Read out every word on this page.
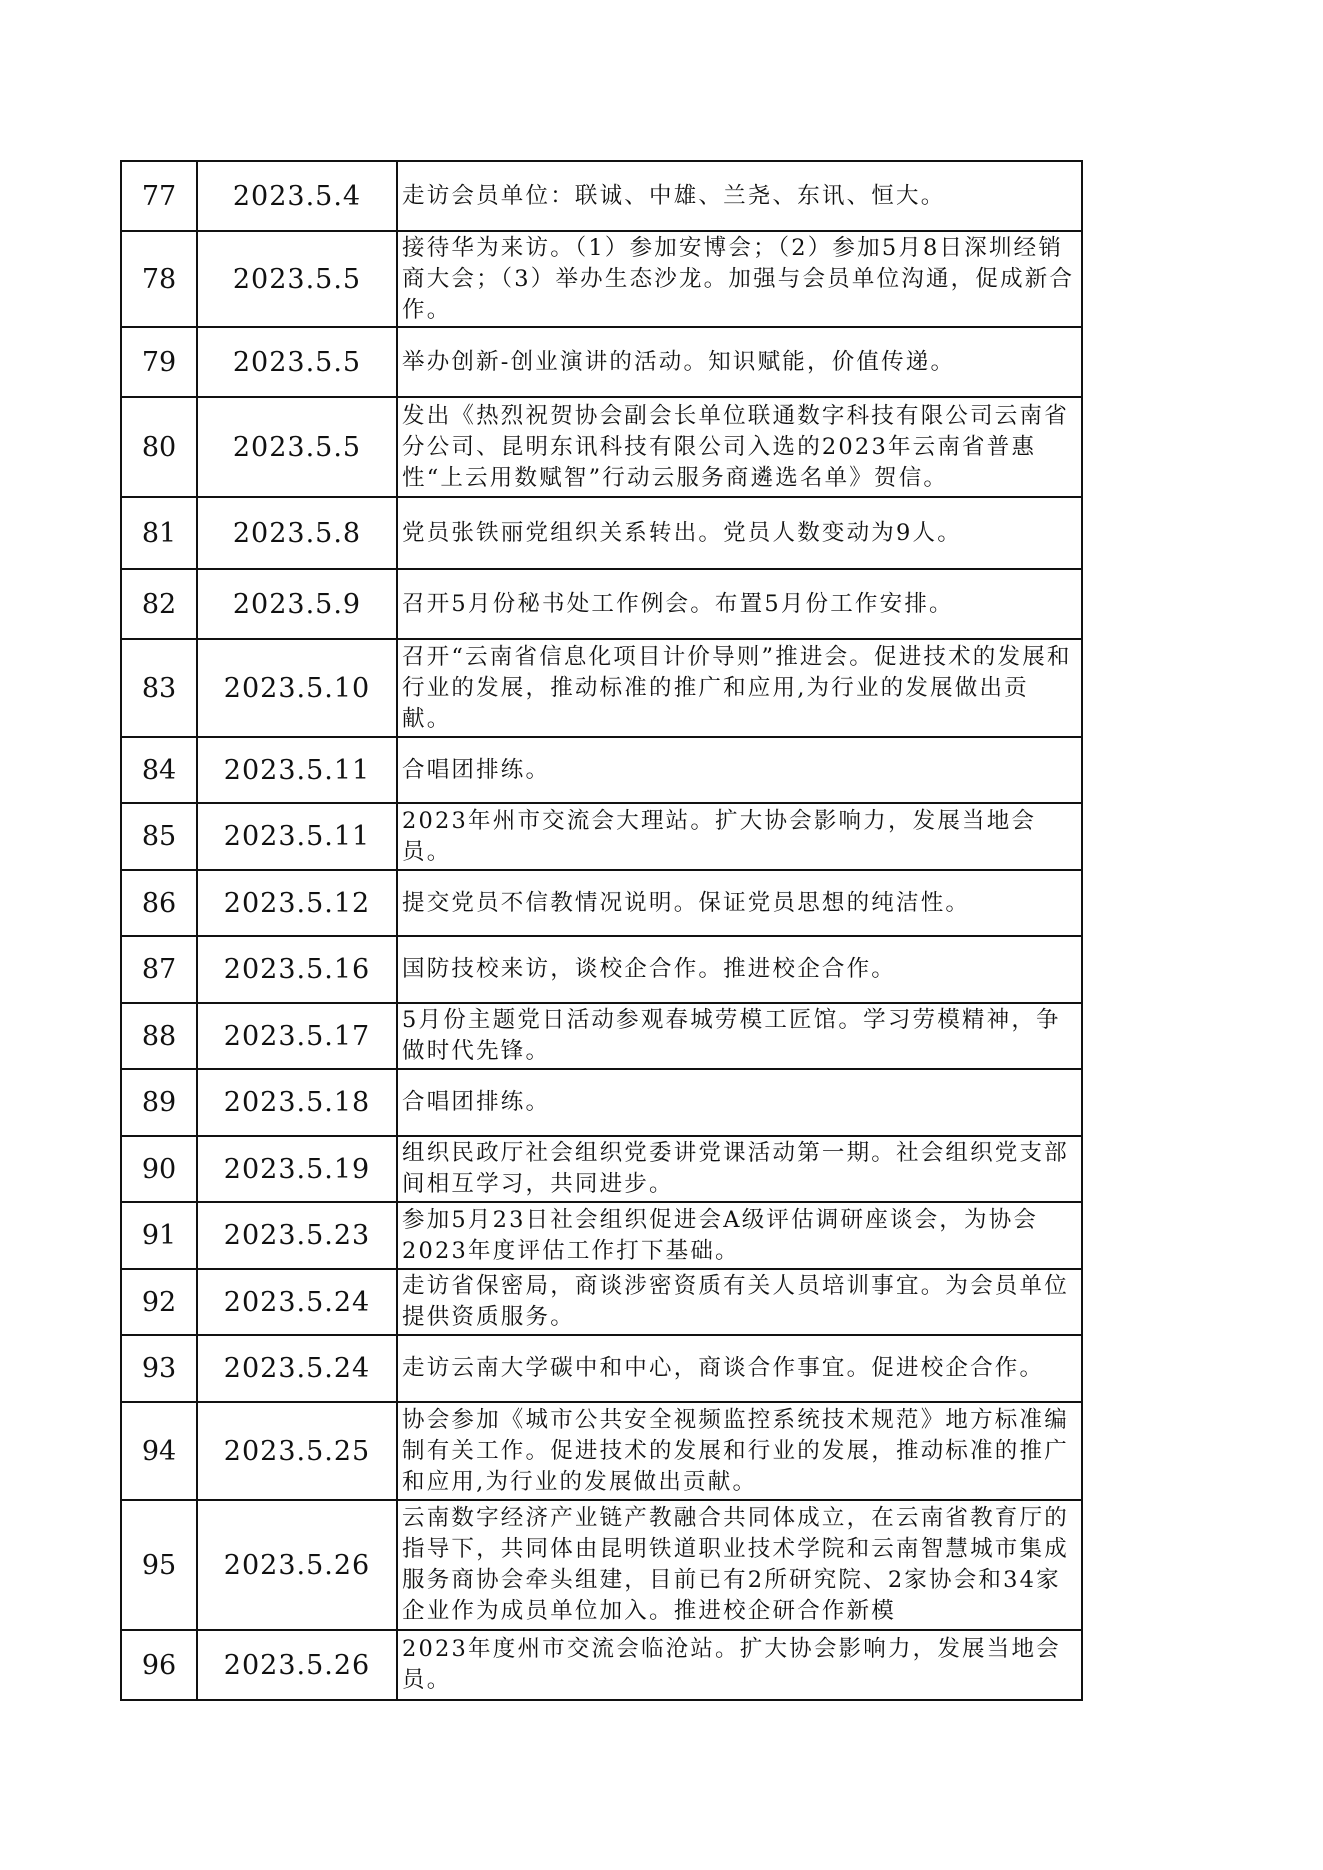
77	2023.5.4	走访会员单位：联诚、中雄、兰尧、东讯、恒大。

78	2023.5.5	接待华为来访。（1）参加安博会；（2）参加5月8日深圳经销商大会；（3）举办生态沙龙。加强与会员单位沟通，促成新合作。

79	2023.5.5	举办创新-创业演讲的活动。知识赋能，价值传递。

80	2023.5.5	发出《热烈祝贺协会副会长单位联通数字科技有限公司云南省分公司、昆明东讯科技有限公司入选的2023年云南省普惠性“上云用数赋智”行动云服务商遴选名单》贺信。

81	2023.5.8	党员张铁丽党组织关系转出。党员人数变动为9人。

82	2023.5.9	召开5月份秘书处工作例会。布置5月份工作安排。

83	2023.5.10	召开“云南省信息化项目计价导则”推进会。促进技术的发展和行业的发展，推动标准的推广和应用,为行业的发展做出贡献。

84	2023.5.11	合唱团排练。

85	2023.5.11	2023年州市交流会大理站。扩大协会影响力，发展当地会员。

86	2023.5.12	提交党员不信教情况说明。保证党员思想的纯洁性。

87	2023.5.16	国防技校来访，谈校企合作。推进校企合作。

88	2023.5.17	5月份主题党日活动参观春城劳模工匠馆。学习劳模精神，争做时代先锋。

89	2023.5.18	合唱团排练。

90	2023.5.19	组织民政厅社会组织党委讲党课活动第一期。社会组织党支部间相互学习，共同进步。

91	2023.5.23	参加5月23日社会组织促进会A级评估调研座谈会，为协会2023年度评估工作打下基础。

92	2023.5.24	走访省保密局，商谈涉密资质有关人员培训事宜。为会员单位提供资质服务。

93	2023.5.24	走访云南大学碳中和中心，商谈合作事宜。促进校企合作。

94	2023.5.25	协会参加《城市公共安全视频监控系统技术规范》地方标准编制有关工作。促进技术的发展和行业的发展，推动标准的推广和应用,为行业的发展做出贡献。

95	2023.5.26	云南数字经济产业链产教融合共同体成立，在云南省教育厅的指导下，共同体由昆明铁道职业技术学院和云南智慧城市集成服务商协会牵头组建，目前已有2所研究院、2家协会和34家企业作为成员单位加入。推进校企研合作新模

96	2023.5.26	2023年度州市交流会临沧站。扩大协会影响力，发展当地会员。
